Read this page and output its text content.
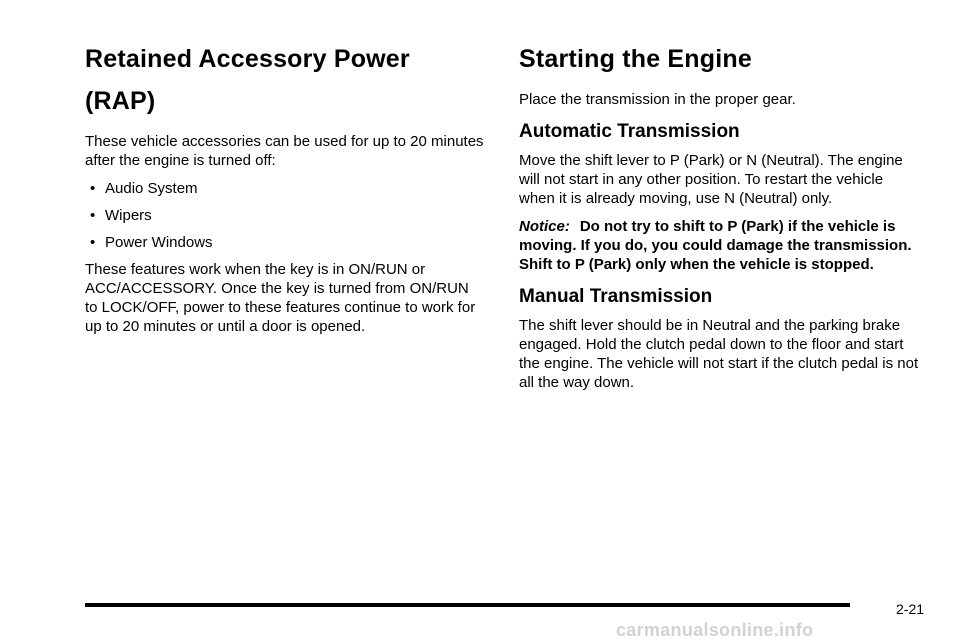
Retained Accessory Power (RAP)

These vehicle accessories can be used for up to 20 minutes after the engine is turned off:

• Audio System
• Wipers
• Power Windows

These features work when the key is in ON/RUN or ACC/ACCESSORY. Once the key is turned from ON/RUN to LOCK/OFF, power to these features continue to work for up to 20 minutes or until a door is opened.

Starting the Engine

Place the transmission in the proper gear.

Automatic Transmission

Move the shift lever to P (Park) or N (Neutral). The engine will not start in any other position. To restart the vehicle when it is already moving, use N (Neutral) only.

Notice: Do not try to shift to P (Park) if the vehicle is moving. If you do, you could damage the transmission. Shift to P (Park) only when the vehicle is stopped.

Manual Transmission

The shift lever should be in Neutral and the parking brake engaged. Hold the clutch pedal down to the floor and start the engine. The vehicle will not start if the clutch pedal is not all the way down.

2-21
carmanualsonline.info
